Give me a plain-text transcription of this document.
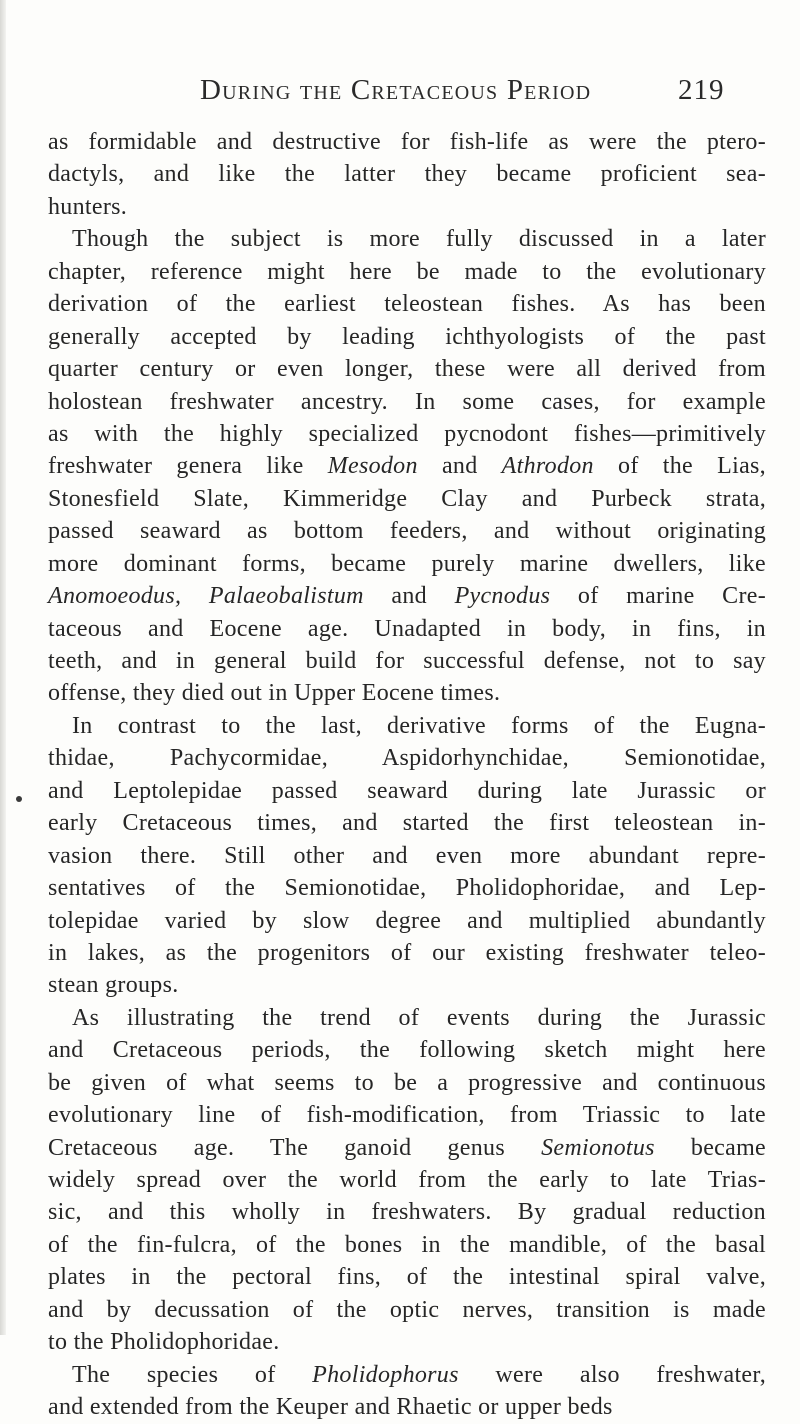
During the Cretaceous Period	219
as formidable and destructive for fish-life as were the ptero-
dactyls, and like the latter they became proficient sea-
hunters.
Though the subject is more fully discussed in a later
chapter, reference might here be made to the evolutionary
derivation of the earliest teleostean fishes. As has been
generally accepted by leading ichthyologists of the past
quarter century or even longer, these were all derived from
holostean freshwater ancestry. In some cases, for example
as with the highly specialized pycnodont fishes—primitively
freshwater genera like Mesodon and Athrodon of the Lias,
Stonesfield Slate, Kimmeridge Clay and Purbeck strata,
passed seaward as bottom feeders, and without originating
more dominant forms, became purely marine dwellers, like
Anomoeodus, Palaeobalistum and Pycnodus of marine Cre-
taceous and Eocene age. Unadapted in body, in fins, in
teeth, and in general build for successful defense, not to say
offense, they died out in Upper Eocene times.
In contrast to the last, derivative forms of the Eugna-
thidae, Pachycormidae, Aspidorhynchidae, Semionotidae,
and Leptolepidae passed seaward during late Jurassic or
early Cretaceous times, and started the first teleostean in-
vasion there. Still other and even more abundant repre-
sentatives of the Semionotidae, Pholidophoridae, and Lep-
tolepidae varied by slow degree and multiplied abundantly
in lakes, as the progenitors of our existing freshwater teleo-
stean groups.
As illustrating the trend of events during the Jurassic
and Cretaceous periods, the following sketch might here
be given of what seems to be a progressive and continuous
evolutionary line of fish-modification, from Triassic to late
Cretaceous age. The ganoid genus Semionotus became
widely spread over the world from the early to late Trias-
sic, and this wholly in freshwaters. By gradual reduction
of the fin-fulcra, of the bones in the mandible, of the basal
plates in the pectoral fins, of the intestinal spiral valve,
and by decussation of the optic nerves, transition is made
to the Pholidophoridae.
The species of Pholidophorus were also freshwater,
and extended from the Keuper and Rhaetic or upper beds
